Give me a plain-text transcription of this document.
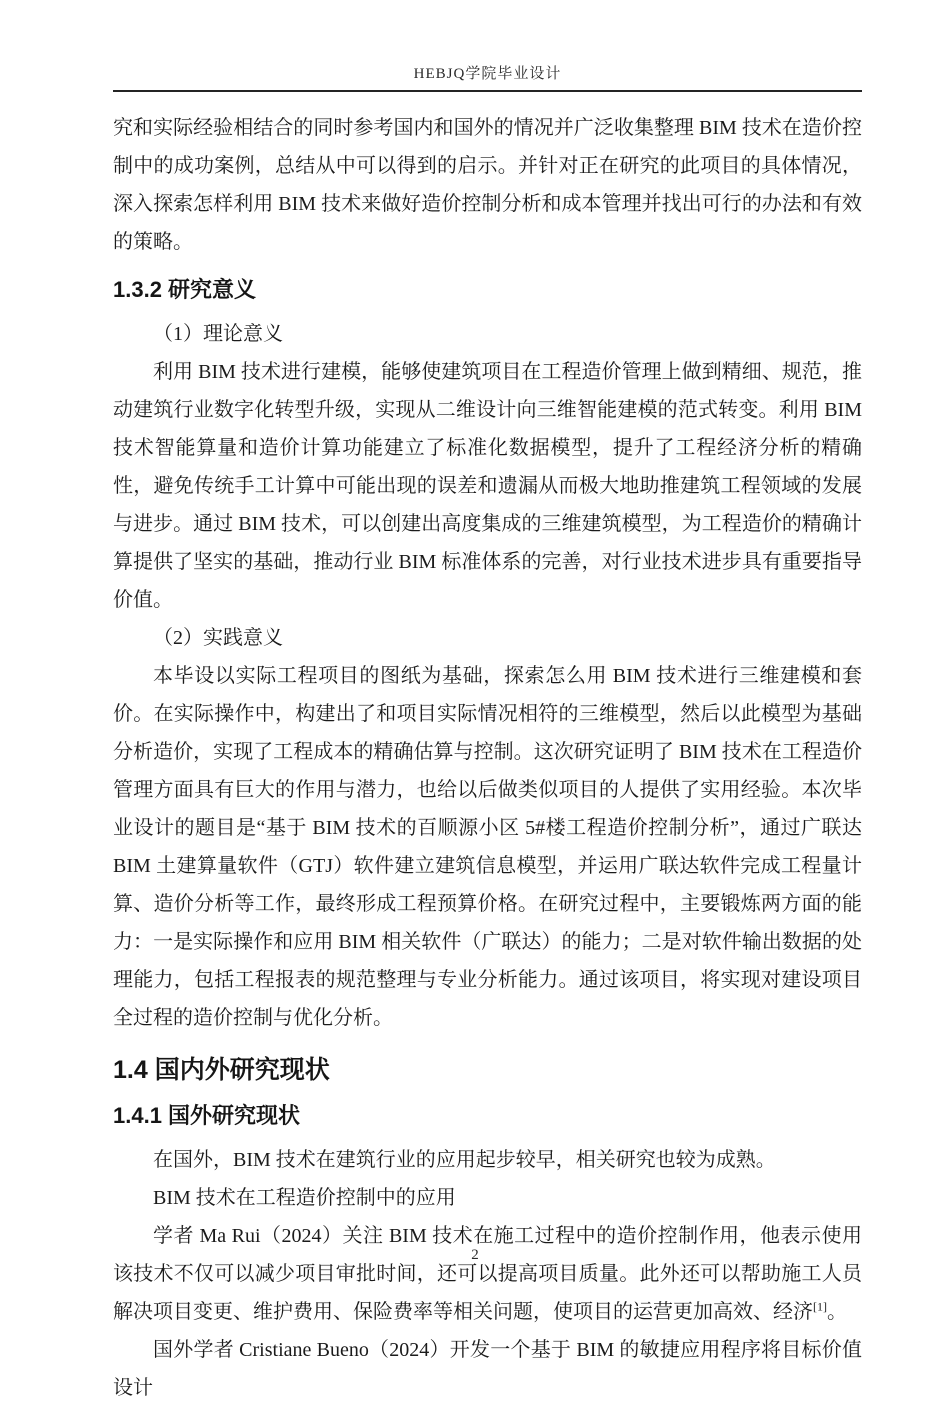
HEBJQ学院毕业设计

究和实际经验相结合的同时参考国内和国外的情况并广泛收集整理 BIM 技术在造价控制中的成功案例，总结从中可以得到的启示。并针对正在研究的此项目的具体情况，深入探索怎样利用 BIM 技术来做好造价控制分析和成本管理并找出可行的办法和有效的策略。

1.3.2 研究意义

（1）理论意义

利用 BIM 技术进行建模，能够使建筑项目在工程造价管理上做到精细、规范，推动建筑行业数字化转型升级，实现从二维设计向三维智能建模的范式转变。利用 BIM 技术智能算量和造价计算功能建立了标准化数据模型，提升了工程经济分析的精确性，避免传统手工计算中可能出现的误差和遗漏从而极大地助推建筑工程领域的发展与进步。通过 BIM 技术，可以创建出高度集成的三维建筑模型，为工程造价的精确计算提供了坚实的基础，推动行业 BIM 标准体系的完善，对行业技术进步具有重要指导价值。

（2）实践意义

本毕设以实际工程项目的图纸为基础，探索怎么用 BIM 技术进行三维建模和套价。在实际操作中，构建出了和项目实际情况相符的三维模型，然后以此模型为基础分析造价，实现了工程成本的精确估算与控制。这次研究证明了 BIM 技术在工程造价管理方面具有巨大的作用与潜力，也给以后做类似项目的人提供了实用经验。本次毕业设计的题目是“基于 BIM 技术的百顺源小区 5#楼工程造价控制分析”，通过广联达 BIM 土建算量软件（GTJ）软件建立建筑信息模型，并运用广联达软件完成工程量计算、造价分析等工作，最终形成工程预算价格。在研究过程中，主要锻炼两方面的能力：一是实际操作和应用 BIM 相关软件（广联达）的能力；二是对软件输出数据的处理能力，包括工程报表的规范整理与专业分析能力。通过该项目，将实现对建设项目全过程的造价控制与优化分析。

1.4 国内外研究现状
1.4.1 国外研究现状

在国外，BIM 技术在建筑行业的应用起步较早，相关研究也较为成熟。

BIM 技术在工程造价控制中的应用

学者 Ma Rui（2024）关注 BIM 技术在施工过程中的造价控制作用，他表示使用该技术不仅可以减少项目审批时间，还可以提高项目质量。此外还可以帮助施工人员解决项目变更、维护费用、保险费率等相关问题，使项目的运营更加高效、经济[1]。

国外学者 Cristiane Bueno（2024）开发一个基于 BIM 的敏捷应用程序将目标价值设计

2
